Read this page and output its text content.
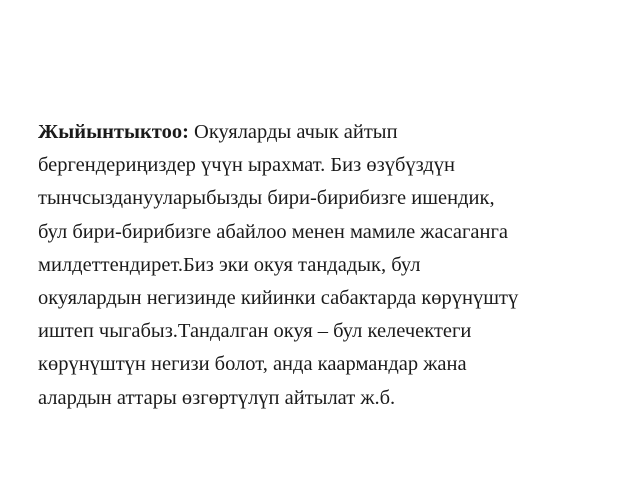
Жыйынтыктоо: Окуяларды ачык айтып
бергендериңиздер үчүн ырахмат. Биз өзүбүздүн
тынчсызданууларыбызды бири-бирибизге ишендик,
бул бири-бирибизге абайлоо менен мамиле жасаганга
милдеттендирет.Биз эки окуя тандадык, бул
окуялардын негизинде кийинки сабактарда көрүнүштү
иштеп чыгабыз.Тандалган окуя – бул келечектеги
көрүнүштүн негизи болот, анда каармандар жана
алардын аттары өзгөртүлүп айтылат ж.б.
